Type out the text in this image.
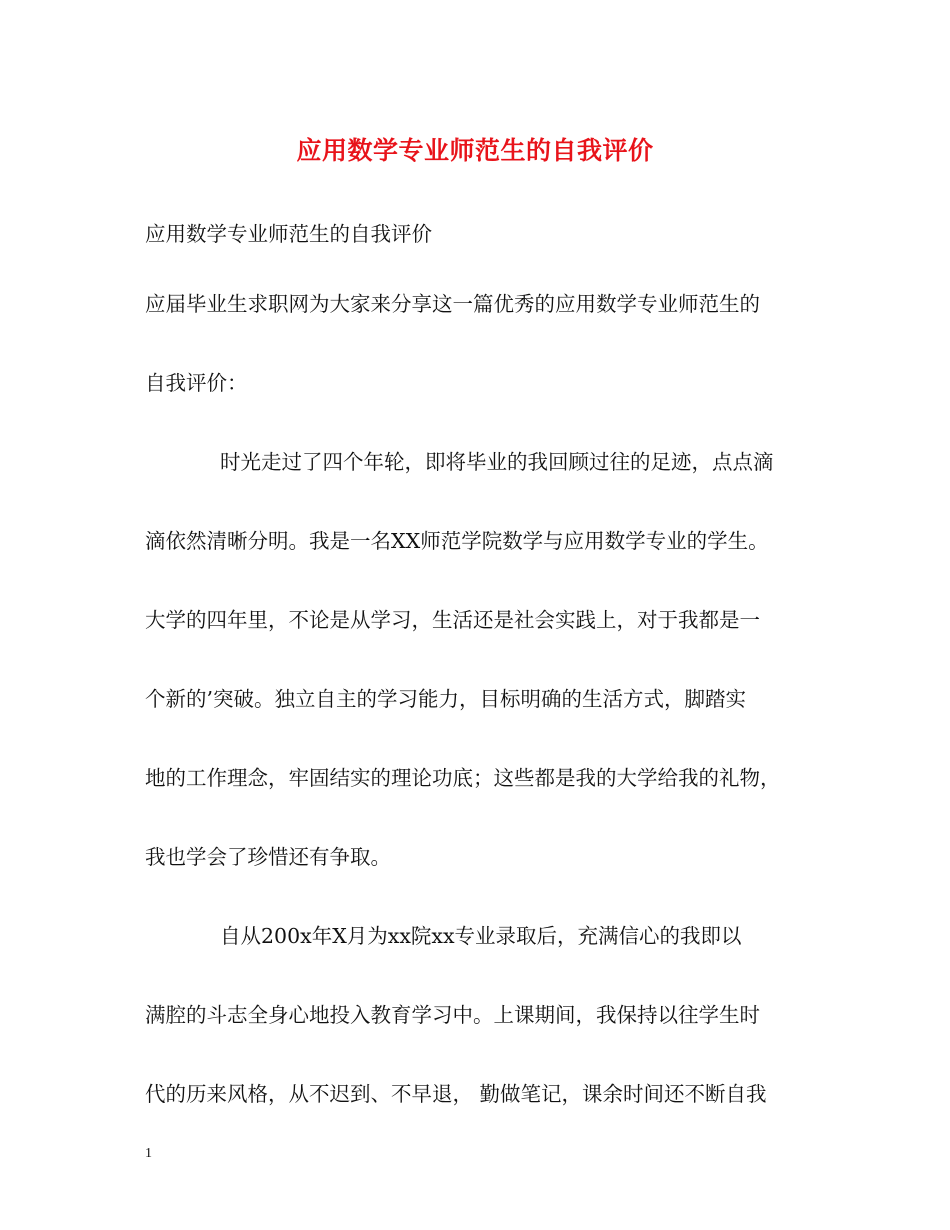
应用数学专业师范生的自我评价
应用数学专业师范生的自我评价
应届毕业生求职网为大家来分享这一篇优秀的应用数学专业师范生的
自我评价：
时光走过了四个年轮，即将毕业的我回顾过往的足迹，点点滴
滴依然清晰分明。我是一名XX师范学院数学与应用数学专业的学生。
大学的四年里，不论是从学习，生活还是社会实践上，对于我都是一
个新的’突破。独立自主的学习能力，目标明确的生活方式，脚踏实
地的工作理念，牢固结实的理论功底；这些都是我的大学给我的礼物，
我也学会了珍惜还有争取。
自从200x年X月为xx院xx专业录取后，充满信心的我即以
满腔的斗志全身心地投入教育学习中。上课期间，我保持以往学生时
代的历来风格，从不迟到、不早退， 勤做笔记，课余时间还不断自我
1
